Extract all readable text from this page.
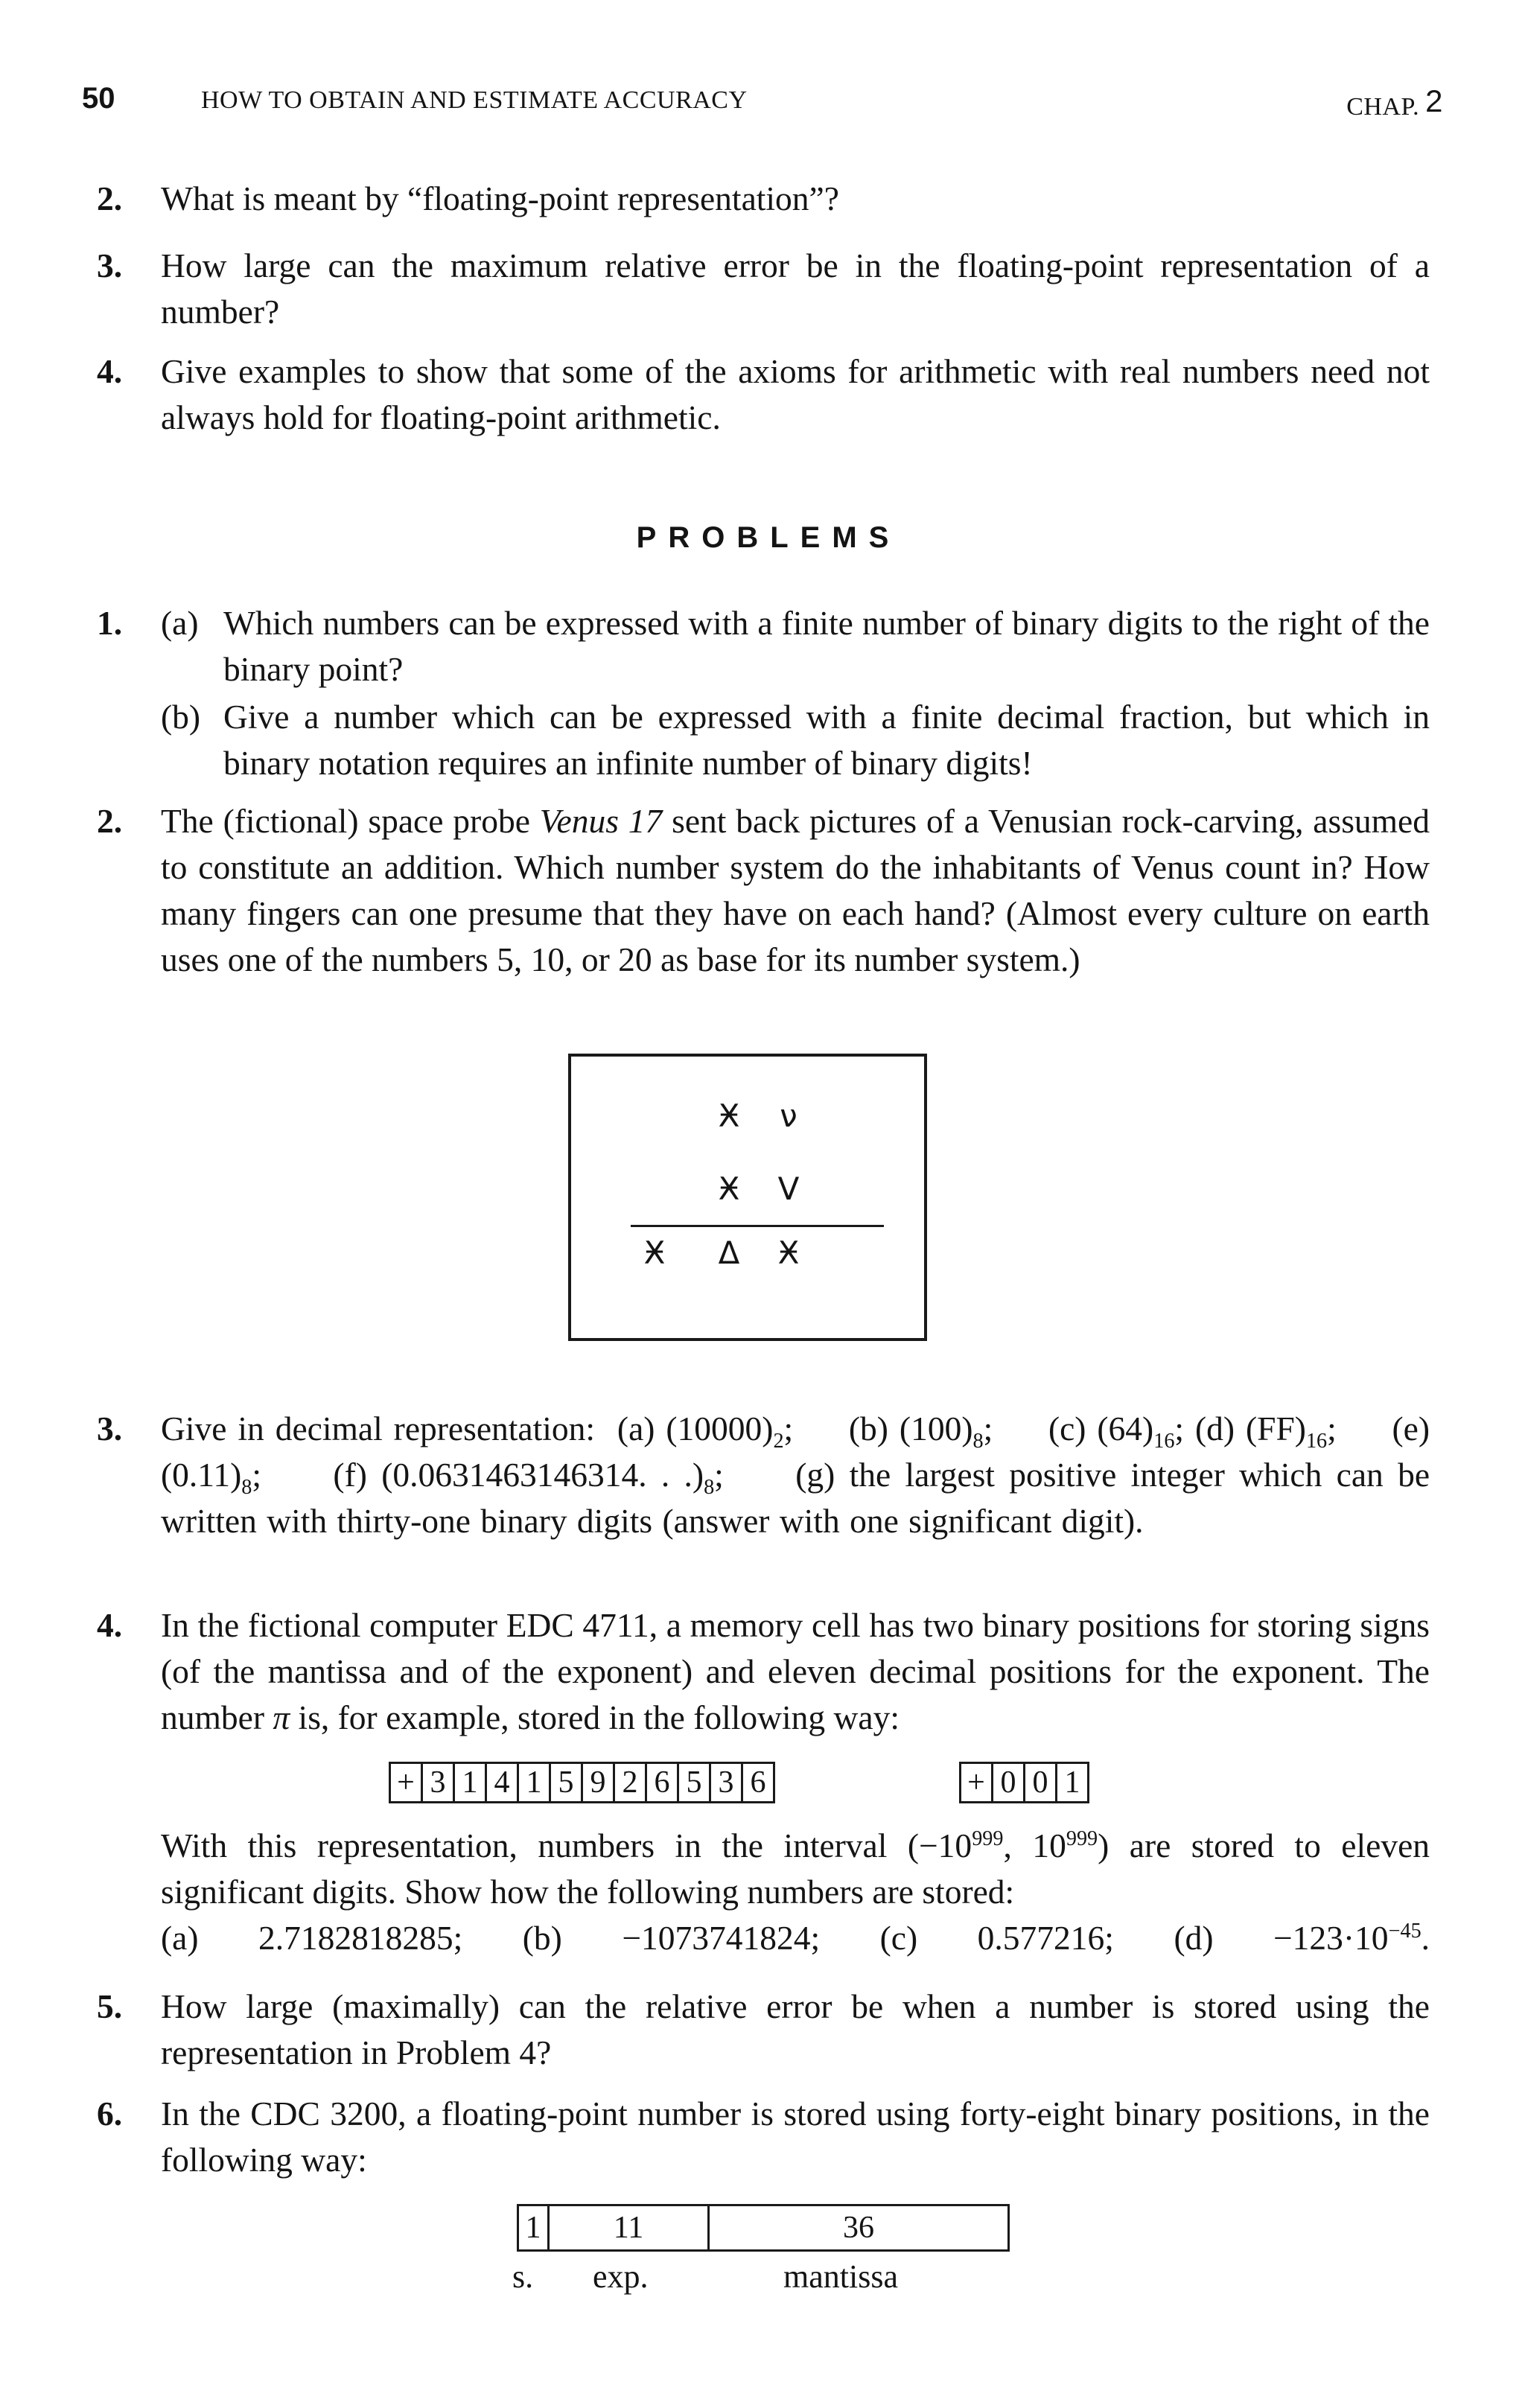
50	HOW TO OBTAIN AND ESTIMATE ACCURACY	CHAP. 2
2. What is meant by “floating-point representation”?
3. How large can the maximum relative error be in the floating-point representation of a number?
4. Give examples to show that some of the axioms for arithmetic with real numbers need not always hold for floating-point arithmetic.
PROBLEMS
1. (a) Which numbers can be expressed with a finite number of binary digits to the right of the binary point?
(b) Give a number which can be expressed with a finite decimal fraction, but which in binary notation requires an infinite number of binary digits!
2. The (fictional) space probe Venus 17 sent back pictures of a Venusian rock-carving, assumed to constitute an addition. Which number system do the inhabitants of Venus count in? How many fingers can one presume that they have on each hand? (Almost every culture on earth uses one of the numbers 5, 10, or 20 as base for its number system.)
Ӿ	ν
Ӿ	V
Ӿ	Δ	Ӿ
3. Give in decimal representation: (a) $(10000)_2$;     (b) $(100)_8$;     (c) $(64)_{16}$; (d) $(FF)_{16}$;     (e) $(0.11)_8$;     (f) (0.0631463146314. . $.)_8$;     (g) the largest positive integer which can be written with thirty-one binary digits (answer with one significant digit).
4. In the fictional computer EDC 4711, a memory cell has two binary positions for storing signs (of the mantissa and of the exponent) and eleven decimal positions for the exponent. The number π is, for example, stored in the following way:
+ 3 1 4 1 5 9 2 6 5 3 6	+ 0 0 1
With this representation, numbers in the interval ($-10^{999}$, $10^{999}$) are stored to eleven significant digits. Show how the following numbers are stored:
(a) 2.7182818285; (b) −1073741824; (c) 0.577216; $(d) -123\cdot 10^{-45}$.
5. How large (maximally) can the relative error be when a number is stored using the representation in Problem 4?
6. In the CDC 3200, a floating-point number is stored using forty-eight binary positions, in the following way:
1	11	36
s. exp.	mantissa
